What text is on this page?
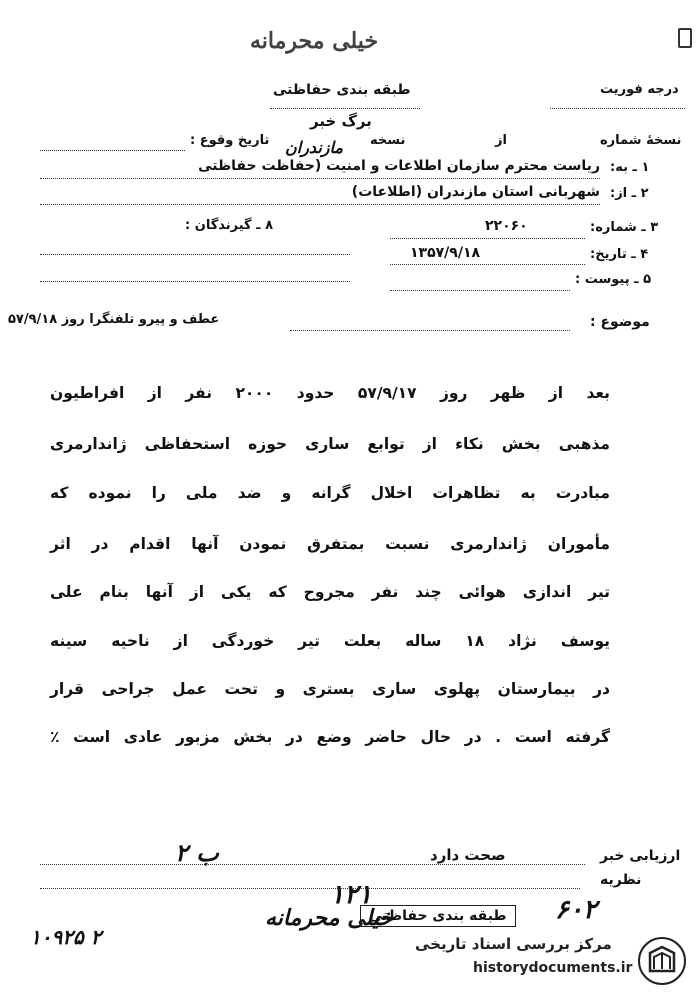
خیلی محرمانه
طبقه بندی حفاظتی	درجه فوریت
برگ خبر
نسخهٔ شماره
از
نسخه
مازندران
تاریخ وقوع :
۱ ـ به:
ریاست محترم سازمان اطلاعات و امنیت (حفاظت حفاظتی
۲ ـ از:
شهربانی استان مازندران (اطلاعات)
۳ ـ شماره:
۲۲۰۶۰
۸ ـ گیرندگان :
۴ ـ تاریخ:
۱۳۵۷/۹/۱۸
۵ ـ پیوست :
موضوع :
عطف و پیرو تلفنگرا روز ۵۷/۹/۱۸
بعد از ظهر روز ۵۷/۹/۱۷ حدود ۲۰۰۰ نفر از افراطیون
مذهبی بخش نکاء از توابع ساری حوزه استحفاظی ژاندارمری
مبادرت به تظاهرات اخلال گرانه و ضد ملی را نموده که
مأموران ژاندارمری نسبت بمتفرق نمودن آنها اقدام در اثر
تیر اندازی هوائی چند نفر مجروح که یکی از آنها بنام علی
یوسف نژاد ۱۸ ساله بعلت تیر خوردگی از ناحیه سینه
در بیمارستان پهلوی ساری بستری و تحت عمل جراحی قرار
گرفته است . در حال حاضر وضع در بخش مزبور عادی است ٪
ارزیابی خبر
صحت دارد
ب ۲
نظریه
۶۰۲
۱۲۱
۱۰۹۲۵ ۲
خیلی محرمانه
طبقه بندی حفاظتی
مرکز بررسی اسناد تاریخی
historydocuments.ir
